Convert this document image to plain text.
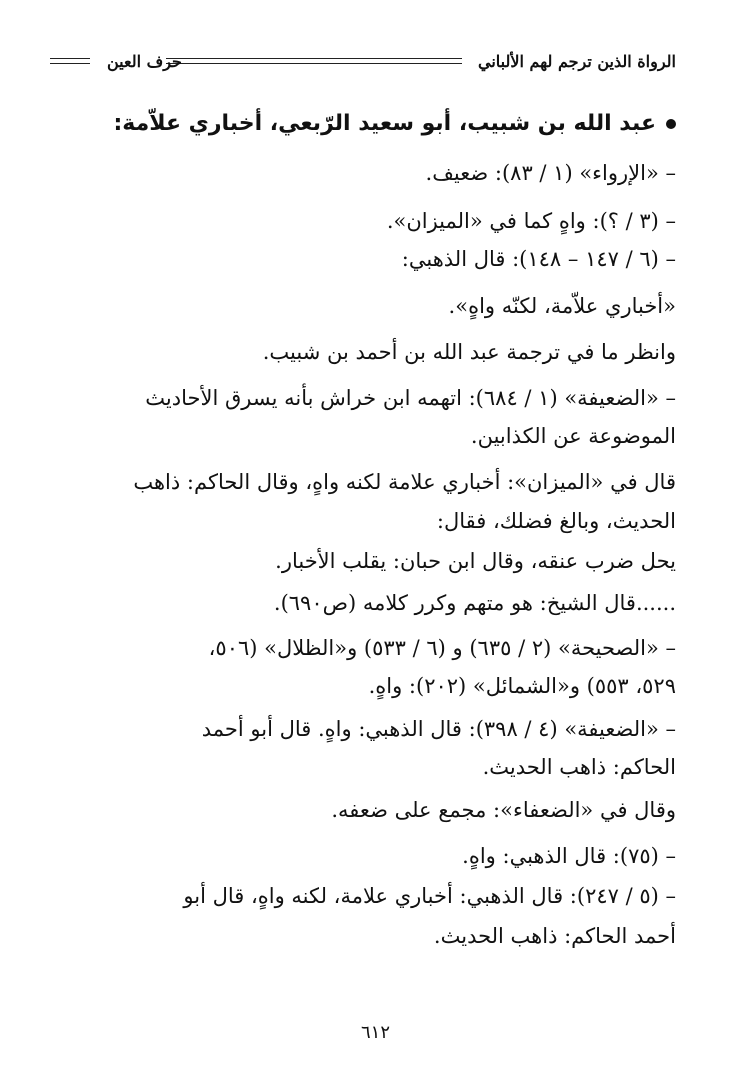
الرواة الذين ترجم لهم الألباني
حرف العين
عبد الله بن شبيب، أبو سعيد الرّبعي، أخباري علاّمة:
– «الإرواء» (١ / ٨٣): ضعيف.
– (٣ / ؟): واهٍ كما في «الميزان».
– (٦ / ١٤٧ – ١٤٨): قال الذهبي:
«أخباري علاّمة، لكنّه واهٍ».
وانظر ما في ترجمة عبد الله بن أحمد بن شبيب.
– «الضعيفة» (١ / ٦٨٤): اتهمه ابن خراش بأنه يسرق الأحاديث
الموضوعة عن الكذابين.
قال في «الميزان»: أخباري علامة لكنه واهٍ، وقال الحاكم: ذاهب
الحديث، وبالغ فضلك، فقال:
يحل ضرب عنقه، وقال ابن حبان: يقلب الأخبار.
......قال الشيخ: هو متهم وكرر كلامه (ص٦٩٠).
– «الصحيحة» (٢ / ٦٣٥) و (٦ / ٥٣٣) و«الظلال» (٥٠٦،
٥٢٩، ٥٥٣) و«الشمائل» (٢٠٢): واهٍ.
– «الضعيفة» (٤ / ٣٩٨): قال الذهبي: واهٍ. قال أبو أحمد
الحاكم: ذاهب الحديث.
وقال في «الضعفاء»: مجمع على ضعفه.
– (٧٥): قال الذهبي: واهٍ.
– (٥ / ٢٤٧): قال الذهبي: أخباري علامة، لكنه واهٍ، قال أبو
أحمد الحاكم: ذاهب الحديث.
٦١٢
